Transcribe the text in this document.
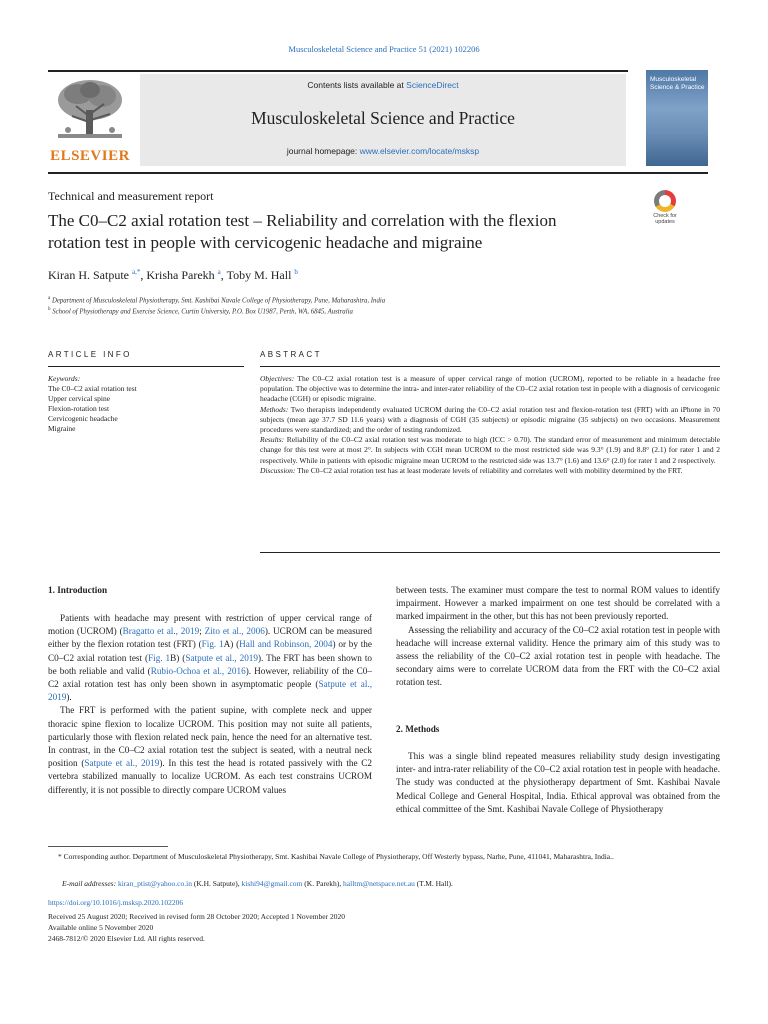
Musculoskeletal Science and Practice 51 (2021) 102206
ELSEVIER
Contents lists available at ScienceDirect
Musculoskeletal Science and Practice
journal homepage: www.elsevier.com/locate/msksp
Musculoskeletal Science & Practice
Technical and measurement report
The C0–C2 axial rotation test – Reliability and correlation with the flexion
rotation test in people with cervicogenic headache and migraine
Check for updates
Kiran H. Satpute $^{a,*}$, Krisha Parekh $^a$, Toby M. Hall $^b$
$^a$ Department of Musculoskeletal Physiotherapy, Smt. Kashibai Navale College of Physiotherapy, Pune, Maharashtra, India
$^b$ School of Physiotherapy and Exercise Science, Curtin University, P.O. Box U1987, Perth, WA, 6845, Australia
ARTICLE INFO	ABSTRACT
Keywords:
The C0–C2 axial rotation test
Upper cervical spine
Flexion-rotation test
Cervicogenic headache
Migraine

Objectives: The C0–C2 axial rotation test is a measure of upper cervical range of motion (UCROM), reported to be reliable in a headache free population. The objective was to determine the intra- and inter-rater reliability of the C0–C2 axial rotation test in people with a diagnosis of cervicogenic headache (CGH) or episodic migraine.

Methods: Two therapists independently evaluated UCROM during the C0–C2 axial rotation test and flexion-rotation test (FRT) with an iPhone in 70 subjects (mean age 37.7 SD 11.6 years) with a diagnosis of CGH (35 subjects) or episodic migraine (35 subjects) on two occasions. Measurement procedures were standardized; and the order of testing randomized.

Results: Reliability of the C0–C2 axial rotation test was moderate to high (ICC > 0.70). The standard error of measurement and minimum detectable change for this test were at most 2°. In subjects with CGH mean UCROM to the most restricted side was 9.3° (1.9) and 8.8° (2.1) for rater 1 and 2 respectively. While in patients with episodic migraine mean UCROM to the restricted side was 13.7° (1.6) and 13.6° (2.0) for rater 1 and 2 respectively.

Discussion: The C0–C2 axial rotation test has at least moderate levels of reliability and correlates well with mobility determined by the FRT.

1. Introduction

Patients with headache may present with restriction of upper cervical range of motion (UCROM) (Bragatto et al., 2019; Zito et al., 2006). UCROM can be measured either by the flexion rotation test (FRT) (Fig. 1A) (Hall and Robinson, 2004) or by the C0–C2 axial rotation test (Fig. 1B) (Satpute et al., 2019). The FRT has been shown to be both reliable and valid (Rubio-Ochoa et al., 2016). However, reliability of the C0–C2 axial rotation test has only been shown in asymptomatic people (Satpute et al., 2019).

The FRT is performed with the patient supine, with complete neck and upper thoracic spine flexion to localize UCROM. This position may not suite all patients, particularly those with flexion related neck pain, hence the need for an alternative test. In contrast, in the C0–C2 axial rotation test the subject is seated, with a neutral neck position (Satpute et al., 2019). In this test the head is rotated passively with the C2 vertebra stabilized manually to localize UCROM. As each test constrains UCROM differently, it is not possible to directly compare UCROM values

between tests. The examiner must compare the test to normal ROM values to identify impairment. However a marked impairment on one test should be correlated with a marked impairment in the other, but this has not been previously reported.

Assessing the reliability and accuracy of the C0–C2 axial rotation test in people with headache will increase external validity. Hence the primary aim of this study was to assess the reliability of the C0–C2 axial rotation test in people with headache. The secondary aims were to correlate UCROM data from the FRT with the C0–C2 axial rotation test.

2. Methods

This was a single blind repeated measures reliability study design investigating inter- and intra-rater reliability of the C0–C2 axial rotation test in people with headache. The study was conducted at the physiotherapy department of Smt. Kashibai Navale Medical College and General Hospital, India. Ethical approval was obtained from the ethical committee of the Smt. Kashibai Navale College of Physiotherapy

* Corresponding author. Department of Musculoskeletal Physiotherapy, Smt. Kashibai Navale College of Physiotherapy, Off Westerly bypass, Narhe, Pune, 411041, Maharashtra, India..
E-mail addresses: kiran_ptist@yahoo.co.in (K.H. Satpute), kishi94@gmail.com (K. Parekh), halltm@netspace.net.au (T.M. Hall).
https://doi.org/10.1016/j.msksp.2020.102206
Received 25 August 2020; Received in revised form 28 October 2020; Accepted 1 November 2020
Available online 5 November 2020
2468-7812/© 2020 Elsevier Ltd. All rights reserved.
